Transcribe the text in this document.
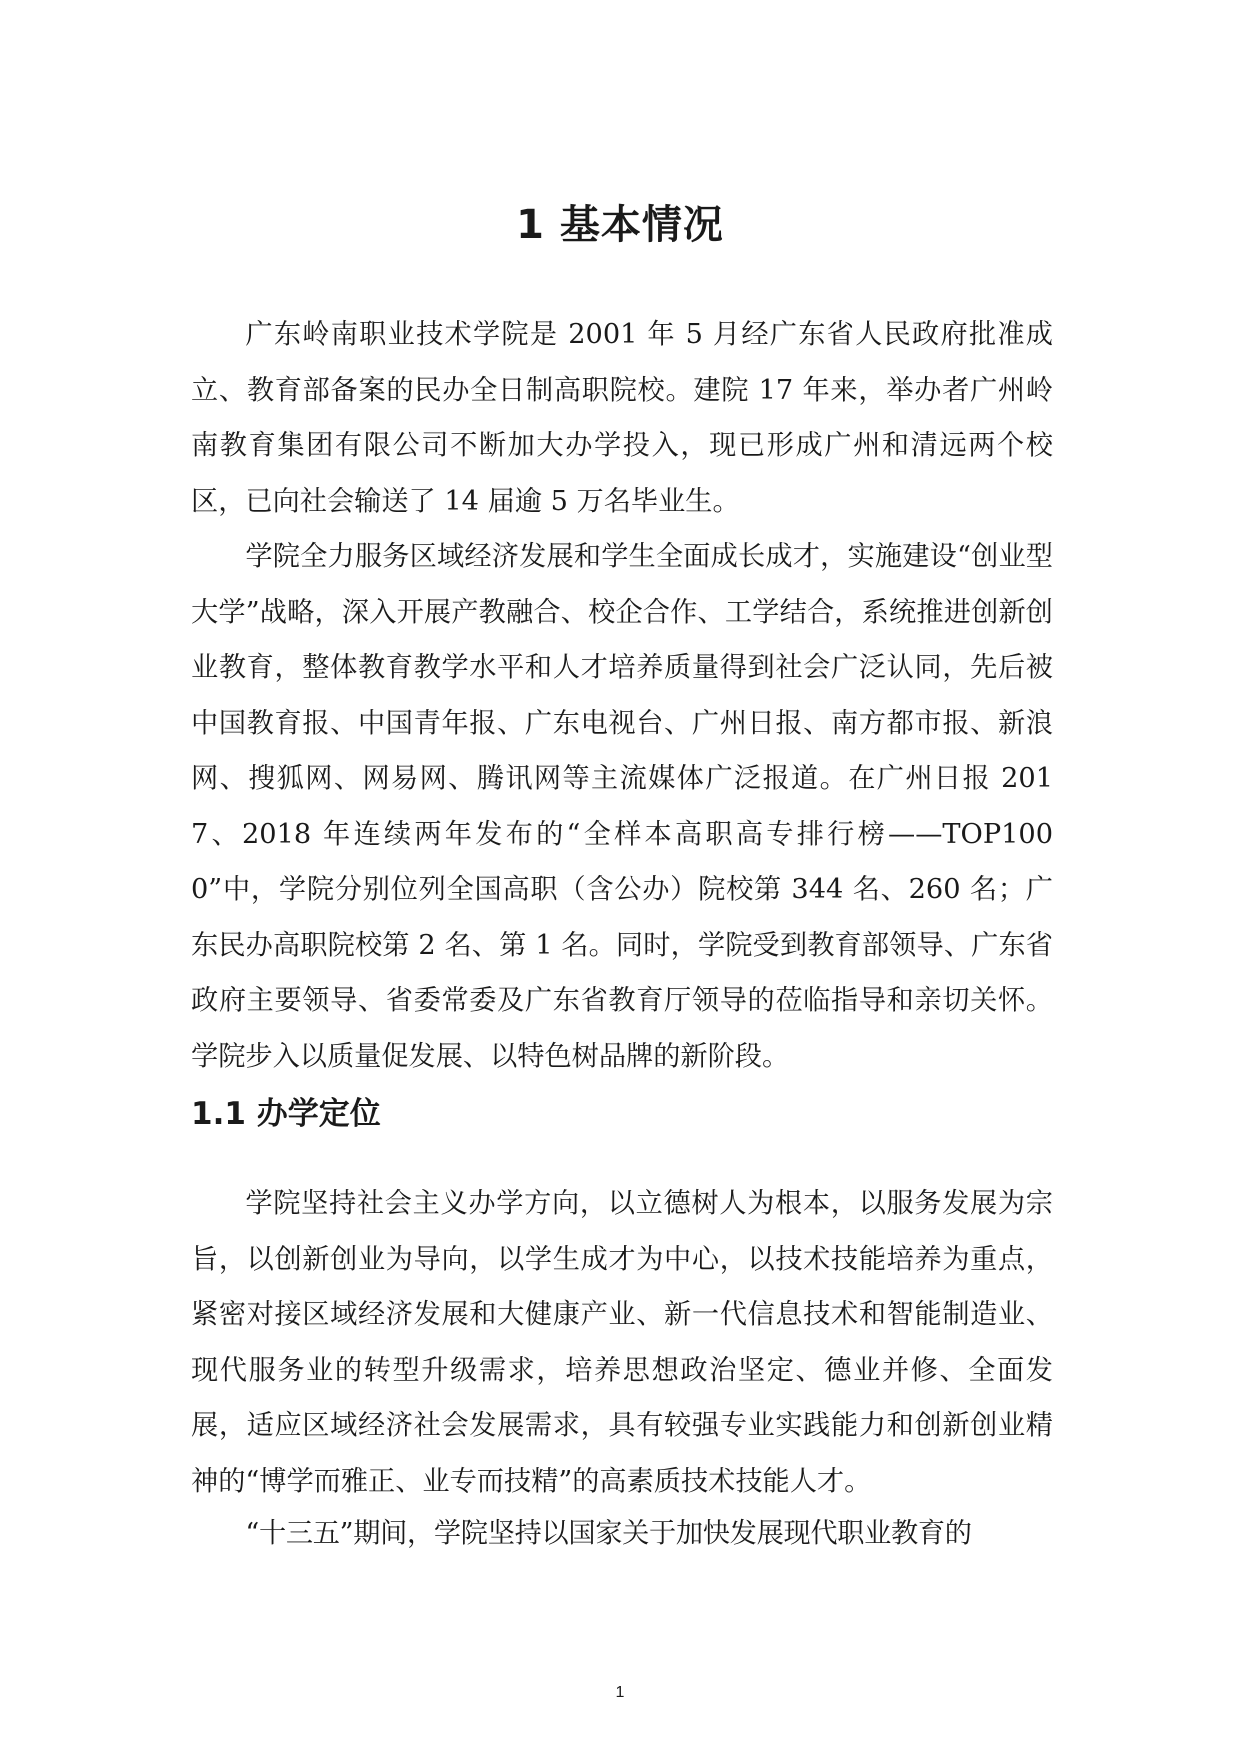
1 基本情况

广东岭南职业技术学院是 2001 年 5 月经广东省人民政府批准成立、教育部备案的民办全日制高职院校。建院 17 年来，举办者广州岭南教育集团有限公司不断加大办学投入，现已形成广州和清远两个校区，已向社会输送了 14 届逾 5 万名毕业生。

学院全力服务区域经济发展和学生全面成长成才，实施建设“创业型大学”战略，深入开展产教融合、校企合作、工学结合，系统推进创新创业教育，整体教育教学水平和人才培养质量得到社会广泛认同，先后被中国教育报、中国青年报、广东电视台、广州日报、南方都市报、新浪网、搜狐网、网易网、腾讯网等主流媒体广泛报道。在广州日报 2017、2018 年连续两年发布的“全样本高职高专排行榜——TOP1000”中，学院分别位列全国高职（含公办）院校第 344 名、260 名；广东民办高职院校第 2 名、第 1 名。同时，学院受到教育部领导、广东省政府主要领导、省委常委及广东省教育厅领导的莅临指导和亲切关怀。学院步入以质量促发展、以特色树品牌的新阶段。

1.1 办学定位

学院坚持社会主义办学方向，以立德树人为根本，以服务发展为宗旨，以创新创业为导向，以学生成才为中心，以技术技能培养为重点，紧密对接区域经济发展和大健康产业、新一代信息技术和智能制造业、现代服务业的转型升级需求，培养思想政治坚定、德业并修、全面发展，适应区域经济社会发展需求，具有较强专业实践能力和创新创业精神的“博学而雅正、业专而技精”的高素质技术技能人才。

“十三五”期间，学院坚持以国家关于加快发展现代职业教育的

1
